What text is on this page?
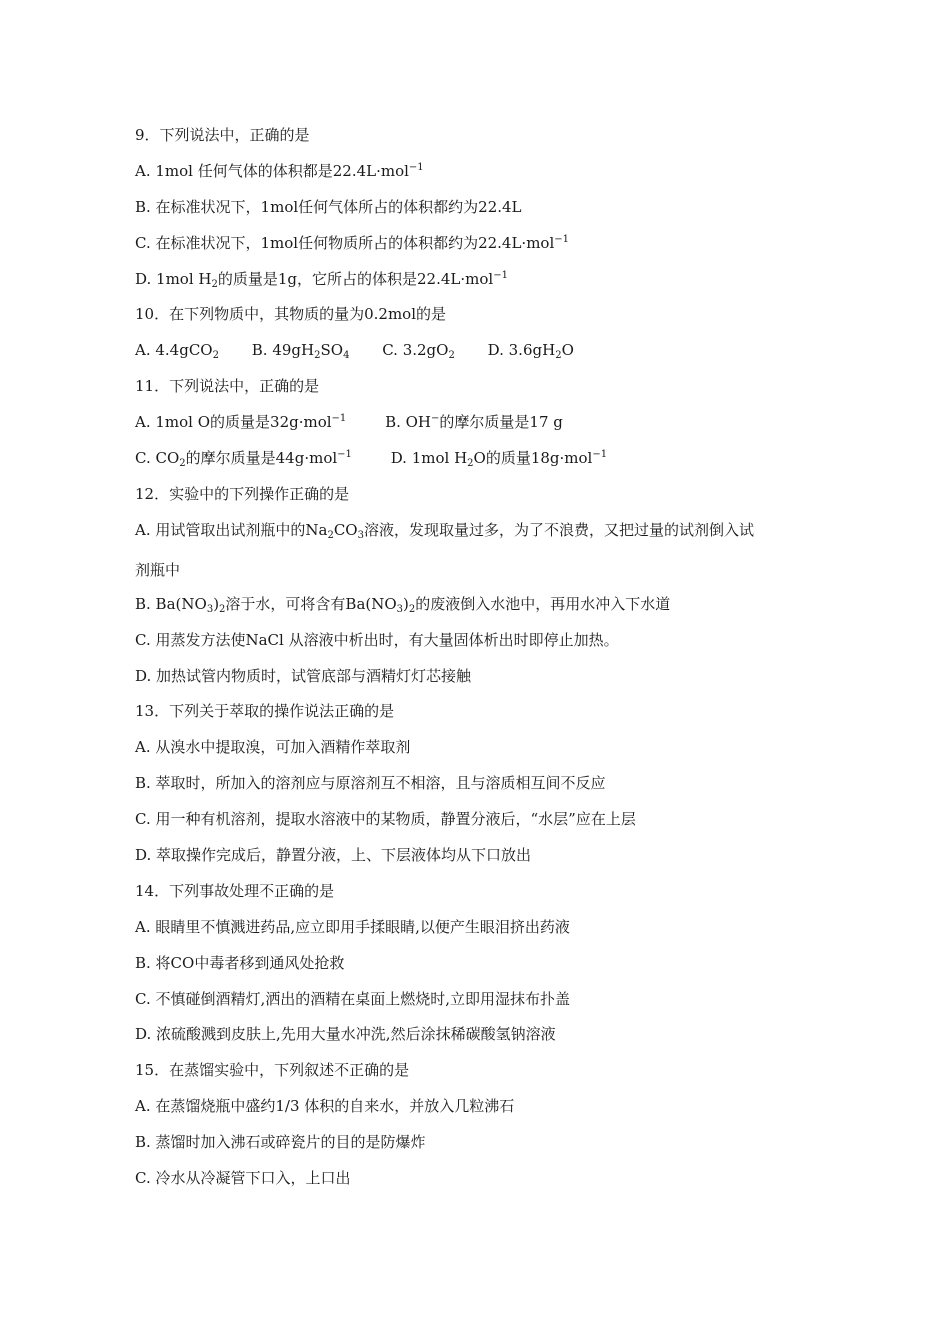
9．下列说法中，正确的是
A. 1mol 任何气体的体积都是22.4L·mol$^{-1}$
B. 在标准状况下，1mol任何气体所占的体积都约为22.4L
C. 在标准状况下，1mol任何物质所占的体积都约为22.4L·mol$^{-1}$
D. 1mol $H_2$的质量是1g，它所占的体积是22.4L·mol$^{-1}$
10．在下列物质中，其物质的量为0.2mol的是
A. 4.4gCO$_2$ B. $49gH_2SO_4$ C. $3.2gO_2$ D. $3.6gH_2O$
11．下列说法中，正确的是
A. 1mol O的质量是32g·mol$^{-1}$	B. OH−的摩尔质量是17 g
C. $CO_2$的摩尔质量是44g·mol$^{-1}$	D. 1mol $H_2O$的质量18g·mol$^{-1}$
12．实验中的下列操作正确的是
A. 用试管取出试剂瓶中的$Na_2CO_3$溶液，发现取量过多，为了不浪费，又把过量的试剂倒入试
剂瓶中
B. $Ba(NO_3)_2$溶于水，可将含有$Ba(NO_3)_2$的废液倒入水池中，再用水冲入下水道
C. 用蒸发方法使NaCl 从溶液中析出时，有大量固体析出时即停止加热。
D. 加热试管内物质时，试管底部与酒精灯灯芯接触
13．下列关于萃取的操作说法正确的是
A. 从溴水中提取溴，可加入酒精作萃取剂
B. 萃取时，所加入的溶剂应与原溶剂互不相溶，且与溶质相互间不反应
C. 用一种有机溶剂，提取水溶液中的某物质，静置分液后，“水层”应在上层
D. 萃取操作完成后，静置分液，上、下层液体均从下口放出
14．下列事故处理不正确的是
A. 眼睛里不慎溅进药品,应立即用手揉眼睛,以便产生眼泪挤出药液
B. 将CO中毒者移到通风处抢救
C. 不慎碰倒酒精灯,洒出的酒精在桌面上燃烧时,立即用湿抹布扑盖
D. 浓硫酸溅到皮肤上,先用大量水冲洗,然后涂抹稀碳酸氢钠溶液
15．在蒸馏实验中，下列叙述不正确的是
A. 在蒸馏烧瓶中盛约1/3 体积的自来水，并放入几粒沸石
B. 蒸馏时加入沸石或碎瓷片的目的是防爆炸
C. 冷水从冷凝管下口入，上口出
